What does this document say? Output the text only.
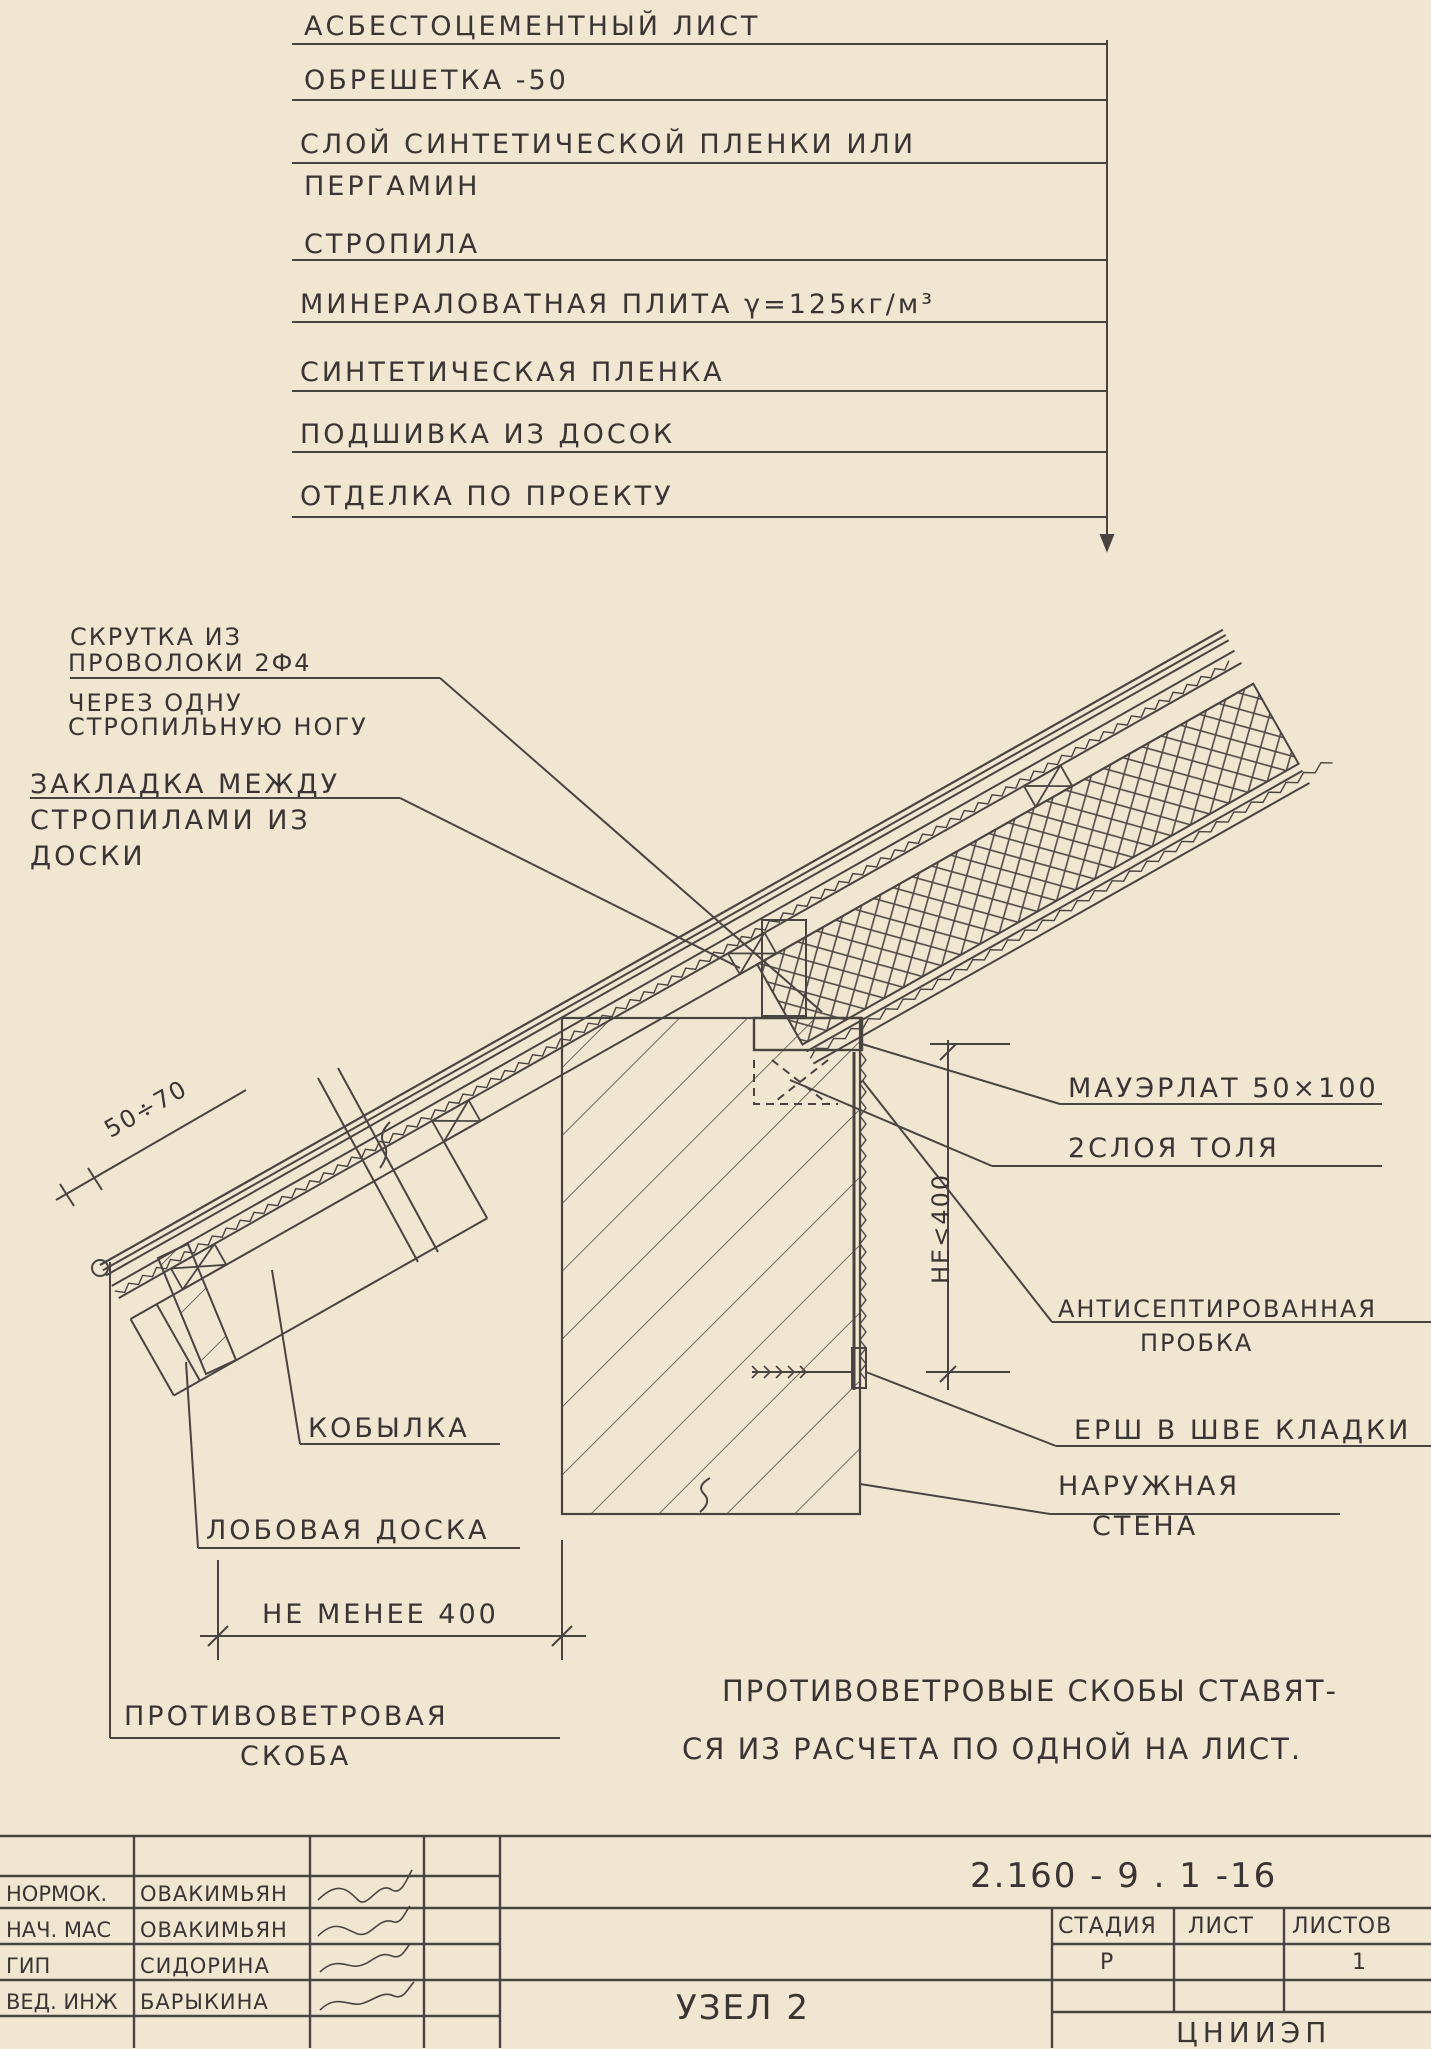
АСБЕСТОЦЕМЕНТНЫЙ ЛИСТ
ОБРЕШЕТКА -50
СЛОЙ СИНТЕТИЧЕСКОЙ ПЛЕНКИ ИЛИ
ПЕРГАМИН
СТРОПИЛА
МИНЕРАЛОВАТНАЯ ПЛИТА γ=125кг/м³
СИНТЕТИЧЕСКАЯ ПЛЕНКА
ПОДШИВКА ИЗ ДОСОК
ОТДЕЛКА ПО ПРОЕКТУ
СКРУТКА ИЗ
ПРОВОЛОКИ 2Ф4
ЧЕРЕЗ ОДНУ
СТРОПИЛЬНУЮ НОГУ
ЗАКЛАДКА МЕЖДУ
СТРОПИЛАМИ ИЗ
ДОСКИ
МАУЭРЛАТ 50×100
2СЛОЯ ТОЛЯ
АНТИСЕПТИРОВАННАЯ
ПРОБКА
ЕРШ В ШВЕ КЛАДКИ
НАРУЖНАЯ
СТЕНА
КОБЫЛКА
ЛОБОВАЯ ДОСКА
НЕ МЕНЕЕ 400
ПРОТИВОВЕТРОВАЯ
СКОБА
50÷70
НЕ<400
ПРОТИВОВЕТРОВЫЕ СКОБЫ СТАВЯТ-
СЯ ИЗ РАСЧЕТА ПО ОДНОЙ НА ЛИСТ.
2.160 - 9 . 1 -16
НОРМОК.
НАЧ. МАС
ГИП
ВЕД. ИНЖ
ОВАКИМЬЯН
ОВАКИМЬЯН
СИДОРИНА
БАРЫКИНА	УЗЕЛ 2
СТАДИЯ ЛИСТ ЛИСТОВ
Р	1
ЦНИИЭП
